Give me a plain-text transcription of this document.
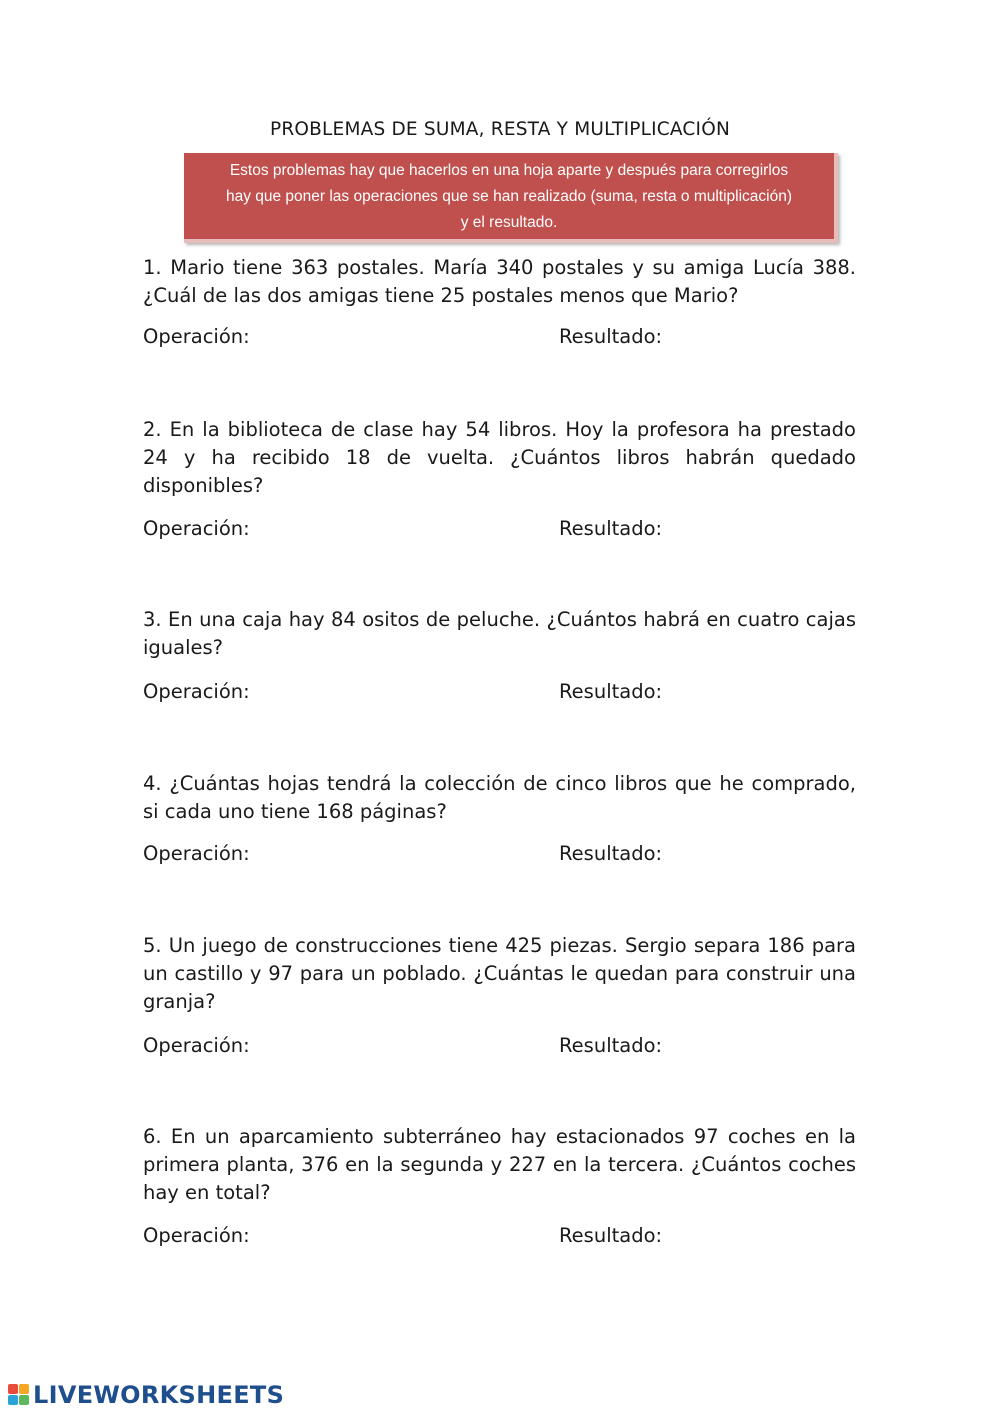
PROBLEMAS DE SUMA, RESTA Y MULTIPLICACIÓN
Estos problemas hay que hacerlos en una hoja aparte y después para corregirlos
hay que poner las operaciones que se han realizado (suma, resta o multiplicación)
y el resultado.

1. Mario tiene 363 postales. María 340 postales y su amiga Lucía 388. ¿Cuál de las dos amigas tiene 25 postales menos que Mario?

Operación:	Resultado:

2. En la biblioteca de clase hay 54 libros. Hoy la profesora ha prestado 24 y ha recibido 18 de vuelta. ¿Cuántos libros habrán quedado disponibles?

Operación:	Resultado:

3. En una caja hay 84 ositos de peluche. ¿Cuántos habrá en cuatro cajas iguales?

Operación:	Resultado:

4. ¿Cuántas hojas tendrá la colección de cinco libros que he comprado, si cada uno tiene 168 páginas?

Operación:	Resultado:

5. Un juego de construcciones tiene 425 piezas. Sergio separa 186 para un castillo y 97 para un poblado. ¿Cuántas le quedan para construir una granja?

Operación:	Resultado:

6. En un aparcamiento subterráneo hay estacionados 97 coches en la primera planta, 376 en la segunda y 227 en la tercera. ¿Cuántos coches hay en total?

Operación:	Resultado:
LIVEWORKSHEETS
